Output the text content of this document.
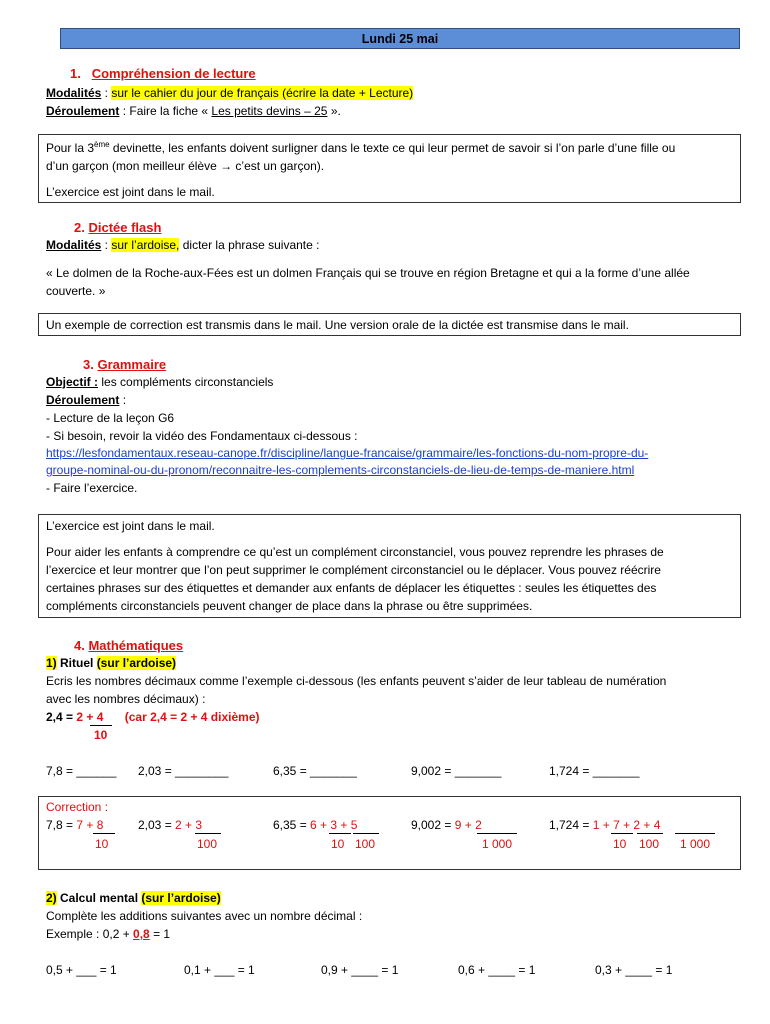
Lundi 25 mai
1. Compréhension de lecture
Modalités : sur le cahier du jour de français (écrire la date + Lecture)
Déroulement : Faire la fiche « Les petits devins – 25 ».
Pour la 3ème devinette, les enfants doivent surligner dans le texte ce qui leur permet de savoir si l’on parle d’une fille ou
d’un garçon (mon meilleur élève → c’est un garçon).
L’exercice est joint dans le mail.
2. Dictée flash
Modalités : sur l’ardoise, dicter la phrase suivante :
« Le dolmen de la Roche-aux-Fées est un dolmen Français qui se trouve en région Bretagne et qui a la forme d’une allée
couverte. »
Un exemple de correction est transmis dans le mail. Une version orale de la dictée est transmise dans le mail.
3. Grammaire
Objectif : les compléments circonstanciels
Déroulement :
- Lecture de la leçon G6
- Si besoin, revoir la vidéo des Fondamentaux ci-dessous :
https://lesfondamentaux.reseau-canope.fr/discipline/langue-francaise/grammaire/les-fonctions-du-nom-propre-du-
groupe-nominal-ou-du-pronom/reconnaitre-les-complements-circonstanciels-de-lieu-de-temps-de-maniere.html
- Faire l’exercice.
L’exercice est joint dans le mail.
Pour aider les enfants à comprendre ce qu’est un complément circonstanciel, vous pouvez reprendre les phrases de
l’exercice et leur montrer que l’on peut supprimer le complément circonstanciel ou le déplacer. Vous pouvez réécrire
certaines phrases sur des étiquettes et demander aux enfants de déplacer les étiquettes : seules les étiquettes des
compléments circonstanciels peuvent changer de place dans la phrase ou être supprimées.
4. Mathématiques
1) Rituel (sur l’ardoise)
Ecris les nombres décimaux comme l’exemple ci-dessous (les enfants peuvent s’aider de leur tableau de numération
avec les nombres décimaux) :
2,4 = 2 + 4 (car 2,4 = 2 + 4 dixième)
10
7,8 = ______ 2,03 = ________	6,35 = _______	9,002 = _______	1,724 = _______
Correction :
7,8 = 7 + 8
10
2,03 = 2 + 3
100
6,35 = 6 + 3 + 5
10 100
9,002 = 9 + 2
1 000
1,724 = 1 + 7 + 2 + 4
10 100 1 000
2) Calcul mental (sur l’ardoise)
Complète les additions suivantes avec un nombre décimal :
Exemple : 0,2 + 0,8 = 1
0,5 + ___ = 1	0,1 + ___ = 1	0,9 + ____ = 1	0,6 + ____ = 1	0,3 + ____ = 1
